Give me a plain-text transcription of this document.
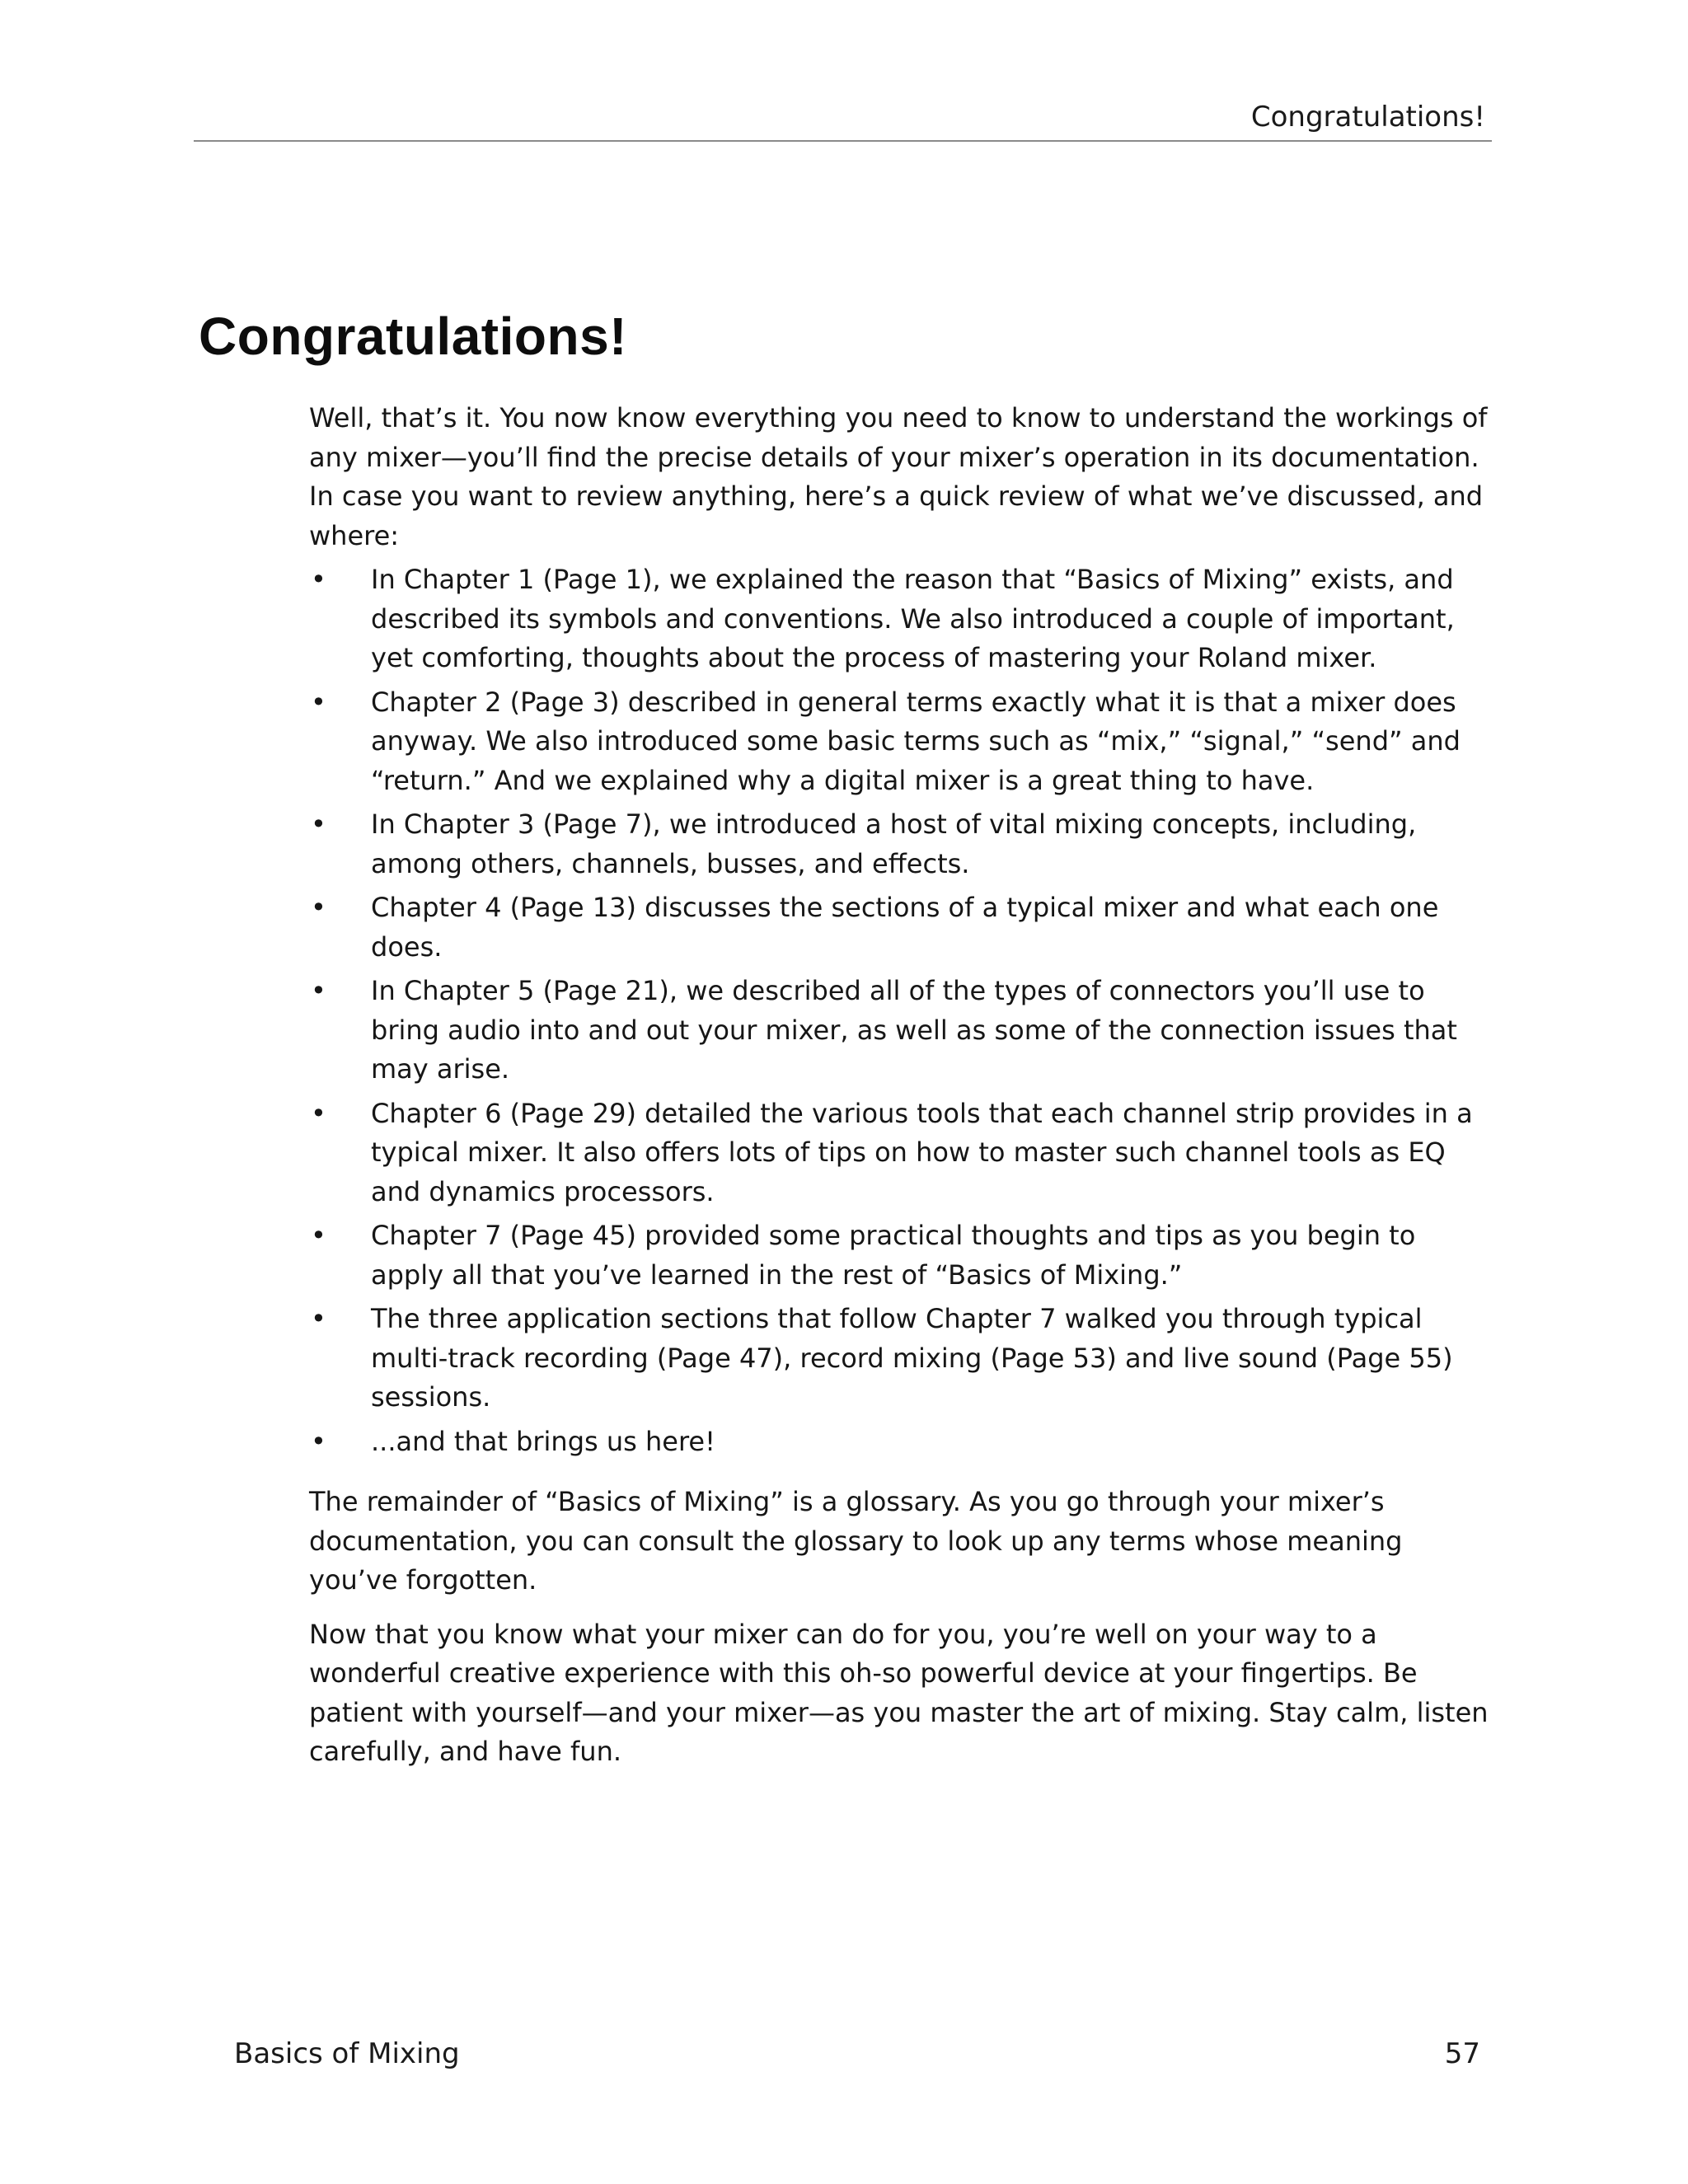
Congratulations!
Congratulations!

Well, that’s it. You now know everything you need to know to understand the workings of any mixer—you’ll find the precise details of your mixer’s operation in its documentation. In case you want to review anything, here’s a quick review of what we’ve discussed, and where:

• In Chapter 1 (Page 1), we explained the reason that “Basics of Mixing” exists, and described its symbols and conventions. We also introduced a couple of important, yet comforting, thoughts about the process of mastering your Roland mixer.
• Chapter 2 (Page 3) described in general terms exactly what it is that a mixer does anyway. We also introduced some basic terms such as “mix,” “signal,” “send” and “return.” And we explained why a digital mixer is a great thing to have.
• In Chapter 3 (Page 7), we introduced a host of vital mixing concepts, including, among others, channels, busses, and effects.
• Chapter 4 (Page 13) discusses the sections of a typical mixer and what each one does.
• In Chapter 5 (Page 21), we described all of the types of connectors you’ll use to bring audio into and out your mixer, as well as some of the connection issues that may arise.
• Chapter 6 (Page 29) detailed the various tools that each channel strip provides in a typical mixer. It also offers lots of tips on how to master such channel tools as EQ and dynamics processors.
• Chapter 7 (Page 45) provided some practical thoughts and tips as you begin to apply all that you’ve learned in the rest of “Basics of Mixing.”
• The three application sections that follow Chapter 7 walked you through typical multi-track recording (Page 47), record mixing (Page 53) and live sound (Page 55) sessions.
• ...and that brings us here!

The remainder of “Basics of Mixing” is a glossary. As you go through your mixer’s documentation, you can consult the glossary to look up any terms whose meaning you’ve forgotten.

Now that you know what your mixer can do for you, you’re well on your way to a wonderful creative experience with this oh-so powerful device at your fingertips. Be patient with yourself—and your mixer—as you master the art of mixing. Stay calm, listen carefully, and have fun.

Basics of Mixing	57
